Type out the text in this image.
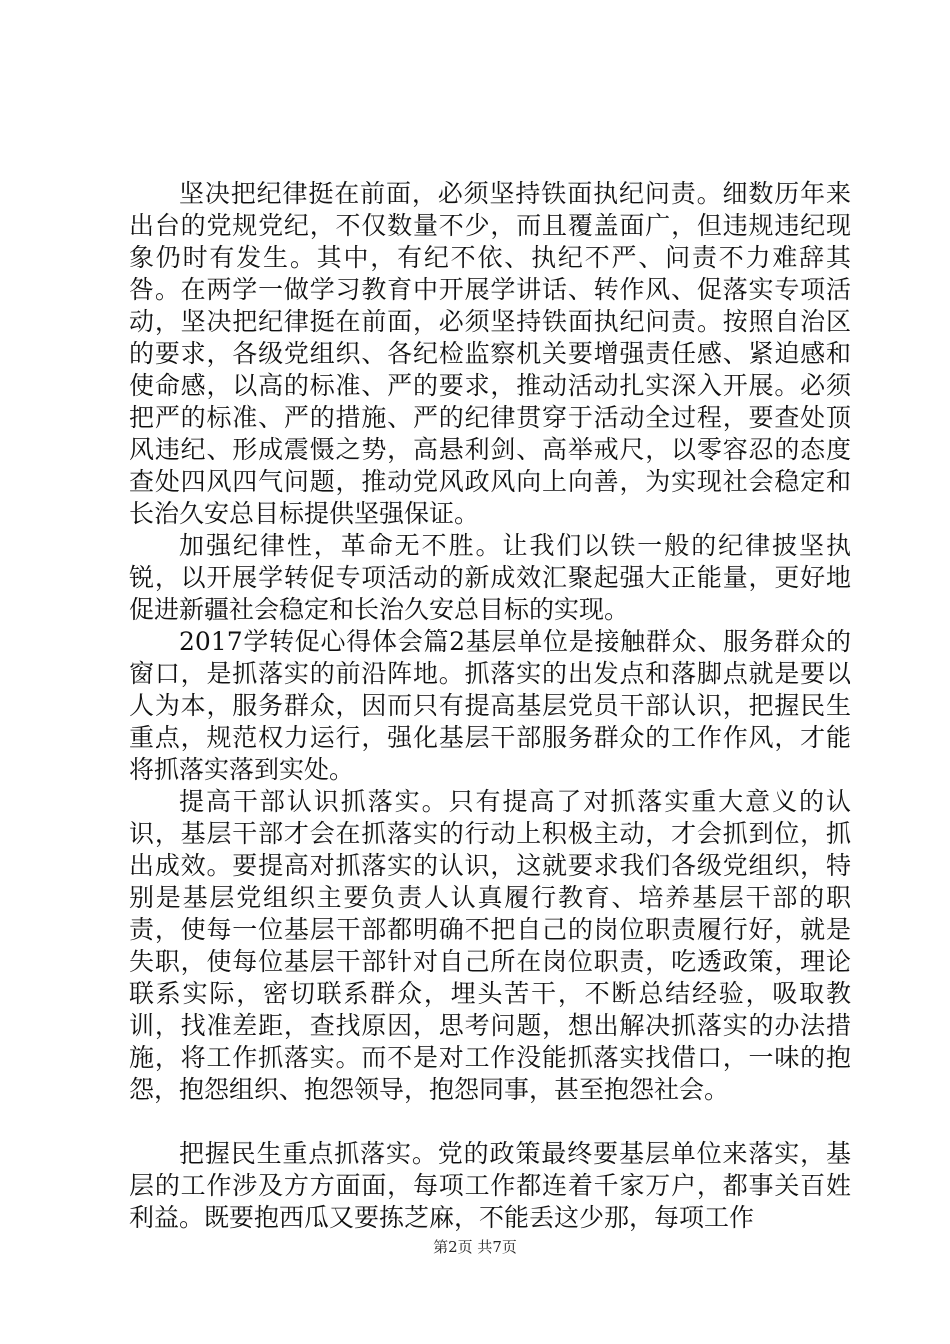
坚决把纪律挺在前面，必须坚持铁面执纪问责。细数历年来出台的党规党纪，不仅数量不少，而且覆盖面广，但违规违纪现象仍时有发生。其中，有纪不依、执纪不严、问责不力难辞其咎。在两学一做学习教育中开展学讲话、转作风、促落实专项活动，坚决把纪律挺在前面，必须坚持铁面执纪问责。按照自治区的要求，各级党组织、各纪检监察机关要增强责任感、紧迫感和使命感，以高的标准、严的要求，推动活动扎实深入开展。必须把严的标准、严的措施、严的纪律贯穿于活动全过程，要查处顶风违纪、形成震慑之势，高悬利剑、高举戒尺，以零容忍的态度查处四风四气问题，推动党风政风向上向善，为实现社会稳定和长治久安总目标提供坚强保证。

加强纪律性，革命无不胜。让我们以铁一般的纪律披坚执锐，以开展学转促专项活动的新成效汇聚起强大正能量，更好地促进新疆社会稳定和长治久安总目标的实现。

2017学转促心得体会篇2基层单位是接触群众、服务群众的窗口，是抓落实的前沿阵地。抓落实的出发点和落脚点就是要以人为本，服务群众，因而只有提高基层党员干部认识，把握民生重点，规范权力运行，强化基层干部服务群众的工作作风，才能将抓落实落到实处。

提高干部认识抓落实。只有提高了对抓落实重大意义的认识，基层干部才会在抓落实的行动上积极主动，才会抓到位，抓出成效。要提高对抓落实的认识，这就要求我们各级党组织，特别是基层党组织主要负责人认真履行教育、培养基层干部的职责，使每一位基层干部都明确不把自己的岗位职责履行好，就是失职，使每位基层干部针对自己所在岗位职责，吃透政策，理论联系实际，密切联系群众，埋头苦干，不断总结经验，吸取教训，找准差距，查找原因，思考问题，想出解决抓落实的办法措施，将工作抓落实。而不是对工作没能抓落实找借口，一味的抱怨，抱怨组织、抱怨领导，抱怨同事，甚至抱怨社会。

把握民生重点抓落实。党的政策最终要基层单位来落实，基层的工作涉及方方面面，每项工作都连着千家万户，都事关百姓利益。既要抱西瓜又要拣芝麻，不能丢这少那，每项工作

第2页 共7页
